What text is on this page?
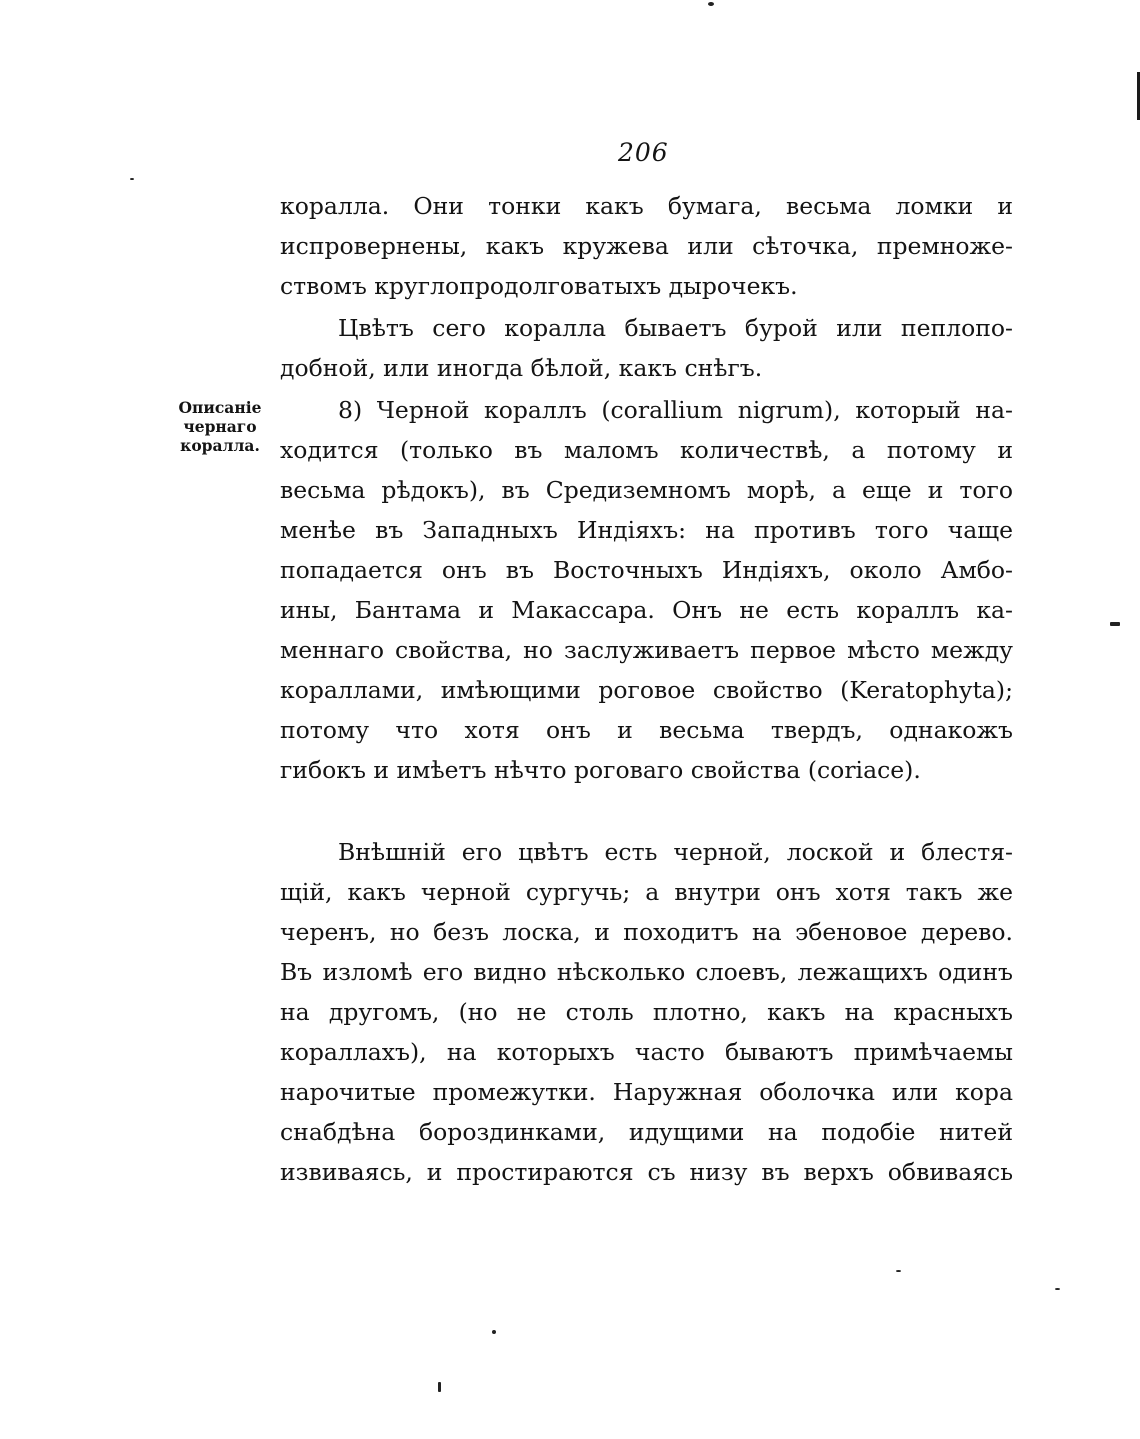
206
Описаніе
чернаго
коралла.
коралла. Они тонки какъ бумага, весьма ломки и
испровернены, какъ кружева или сѣточка, премноже-
ствомъ круглопродолговатыхъ дырочекъ.
Цвѣтъ сего коралла бываетъ бурой или пеплопо-
добной, или иногда бѣлой, какъ снѣгъ.
8) Черной кораллъ (corallium nigrum), который на-
ходится (только въ маломъ количествѣ, а потому и
весьма рѣдокъ), въ Средиземномъ морѣ, а еще и того
менѣе въ Западныхъ Индіяхъ: на противъ того чаще
попадается онъ въ Восточныхъ Индіяхъ, около Амбо-
ины, Бантама и Макассара. Онъ не есть кораллъ ка-
меннаго свойства, но заслуживаетъ первое мѣсто между
кораллами, имѣющими роговое свойство (Keratophyta);
потому что хотя онъ и весьма твердъ, однакожъ
гибокъ и имѣетъ нѣчто роговаго свойства (coriace).
Внѣшній его цвѣтъ есть черной, лоской и блестя-
щій, какъ черной сургучь; а внутри онъ хотя такъ же
черенъ, но безъ лоска, и походитъ на эбеновое дерево.
Въ изломѣ его видно нѣсколько слоевъ, лежащихъ одинъ
на другомъ, (но не столь плотно, какъ на красныхъ
кораллахъ), на которыхъ часто бываютъ примѣчаемы
нарочитые промежутки. Наружная оболочка или кора
снабдѣна бороздинками, идущими на подобіе нитей
извиваясь, и простираются съ низу въ верхъ обвиваясь
